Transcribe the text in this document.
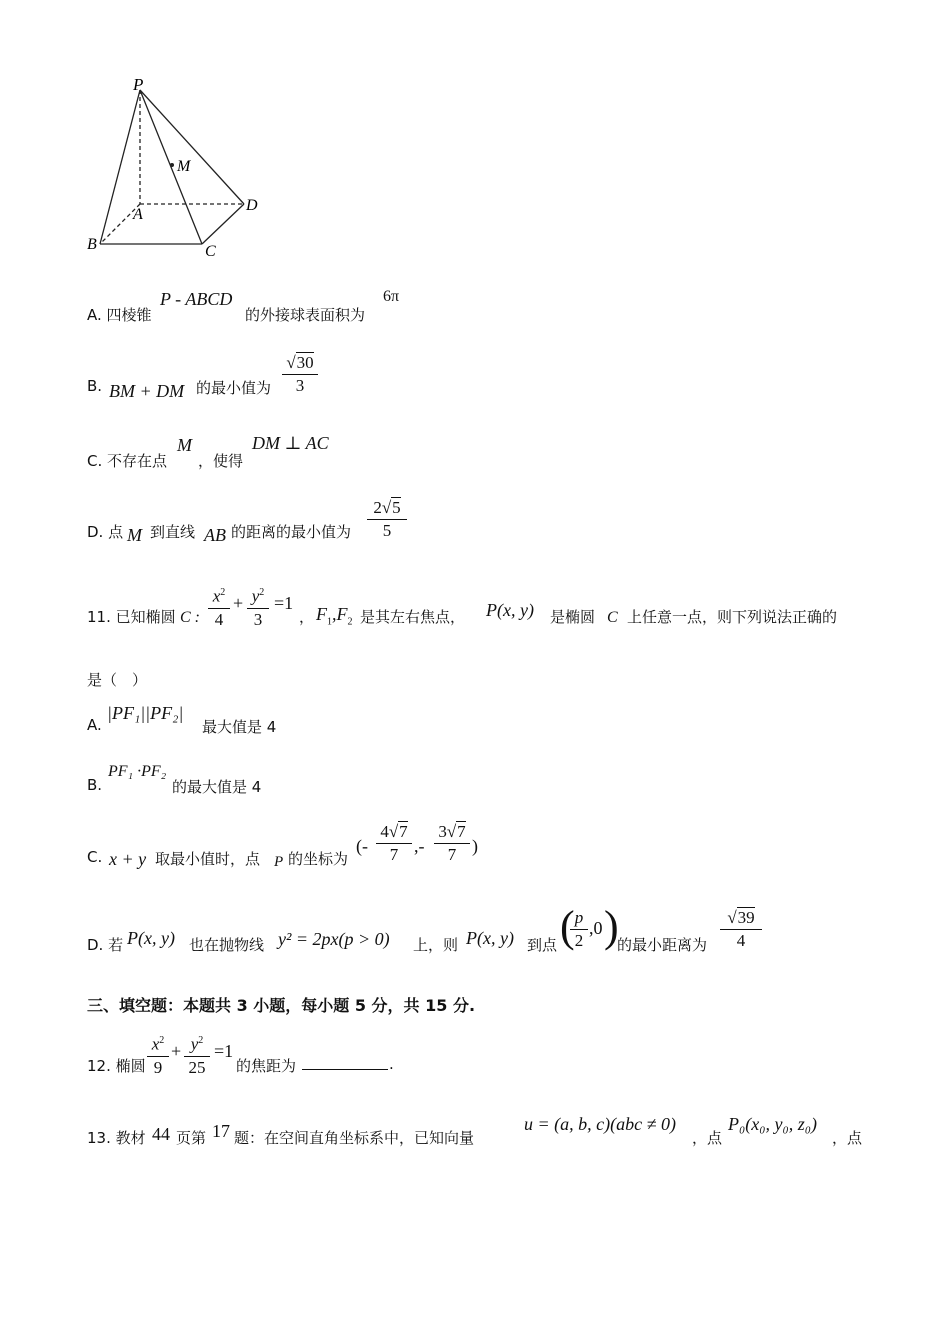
P
M
A
B	C
D
A. 四棱锥
P - ABCD
的外接球表面积为
6π
B. BM + DM 的最小值为 $\frac{√30}{3}$
C. 不存在点
M
，使得
DM ⊥ AC
D. 点 M 到直线 AB 的距离的最小值为 $\frac{2√5}{5}$
11. 已知椭圆 C : $\frac{x^2}{4} + \frac{y^2}{3} =1$
， $F_1,F_2$ 是其左右焦点， P(x, y) 是椭圆 C 上任意一点，则下列说法正确的
是（　）
A.
|PF₁||PF₂|
最大值是 4
B.
PF₁ ·PF₂
的最大值是 4
C. x + y 取最小值时，点 P 的坐标为
(- $\frac{4√7}{7}$ ,- $\frac{3√7}{7}$ )
D. 若 P(x, y) 也在抛物线 y² = 2px(p > 0) 上，则 P(x, y) 到点 (
$\frac{p}{2} ,0$ )
的最小距离为 $\frac{√39}{4}$
三、填空题：本题共 3 小题，每小题 5 分，共 15 分.
12. 椭圆 $\frac{x^2}{9} + \frac{y^2}{25} =1$
的焦距为	.
13. 教材 44 页第 17 题：在空间直角坐标系中，已知向量
u = (a, b, c)(abc ≠ 0)
，点
P₀(x₀, y₀, z₀)
，点
